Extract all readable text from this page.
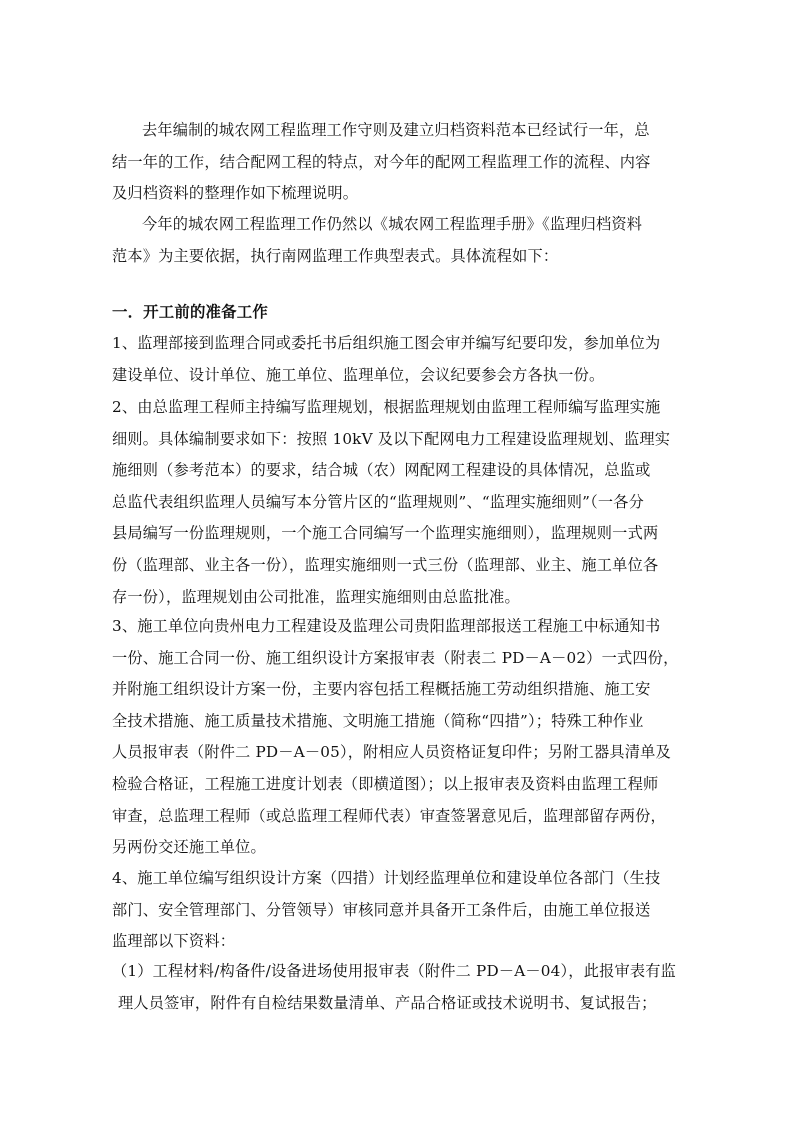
去年编制的城农网工程监理工作守则及建立归档资料范本已经试行一年，总
结一年的工作，结合配网工程的特点，对今年的配网工程监理工作的流程、内容
及归档资料的整理作如下梳理说明。
今年的城农网工程监理工作仍然以《城农网工程监理手册》《监理归档资料
范本》为主要依据，执行南网监理工作典型表式。具体流程如下：
一．开工前的准备工作
1、监理部接到监理合同或委托书后组织施工图会审并编写纪要印发，参加单位为
建设单位、设计单位、施工单位、监理单位，会议纪要参会方各执一份。
2、由总监理工程师主持编写监理规划，根据监理规划由监理工程师编写监理实施
细则。具体编制要求如下：按照 10kV 及以下配网电力工程建设监理规划、监理实
施细则（参考范本）的要求，结合城（农）网配网工程建设的具体情况，总监或
总监代表组织监理人员编写本分管片区的“监理规则”、“监理实施细则”（一各分
县局编写一份监理规则，一个施工合同编写一个监理实施细则），监理规则一式两
份（监理部、业主各一份），监理实施细则一式三份（监理部、业主、施工单位各
存一份），监理规划由公司批准，监理实施细则由总监批准。
3、施工单位向贵州电力工程建设及监理公司贵阳监理部报送工程施工中标通知书
一份、施工合同一份、施工组织设计方案报审表（附表二 PD－A－02）一式四份，
并附施工组织设计方案一份，主要内容包括工程概括施工劳动组织措施、施工安
全技术措施、施工质量技术措施、文明施工措施（简称“四措”）；特殊工种作业
人员报审表（附件二 PD－A－05），附相应人员资格证复印件；另附工器具清单及
检验合格证，工程施工进度计划表（即横道图）；以上报审表及资料由监理工程师
审查，总监理工程师（或总监理工程师代表）审查签署意见后，监理部留存两份，
另两份交还施工单位。
4、施工单位编写组织设计方案（四措）计划经监理单位和建设单位各部门（生技
部门、安全管理部门、分管领导）审核同意并具备开工条件后，由施工单位报送
监理部以下资料：
（1）工程材料/构备件/设备进场使用报审表（附件二 PD－A－04），此报审表有监
理人员签审，附件有自检结果数量清单、产品合格证或技术说明书、复试报告；
